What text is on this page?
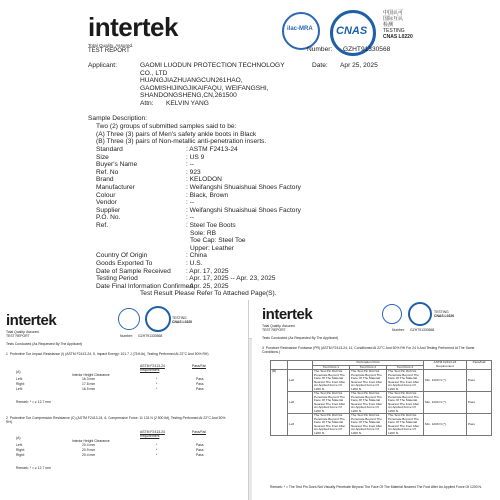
intertek
Total Quality. Assured.
TEST REPORT
ilac-MRA CNAS
中国认可
国际互认
检测
TESTING
CNAS L0220
Number: GZHT91330568
Applicant:	GAOMI LUODUN PROTECTION TECHNOLOGY
CO., LTD
HUANGJIAZHUANGCUN261HAO,
GAOMISHIJINGJIKAIFAQU, WEIFANGSHI,
SHANDONGSHENG,CN,261500
Attn: KELVIN YANG
Date: Apr 25, 2025
Sample Description:
Two (2) groups of submitted samples said to be:
(A) Three (3) pairs of Men's safety ankle boots in Black
(B) Three (3) pairs of Non-metallic anti-penetration inserts.
Standard	: ASTM F2413-24
Size	: US 9
Buyer's Name	: --
Ref. No	: 923
Brand	: KELODON
Manufacturer	: Weifangshi Shuaishuai Shoes Factory
Colour	: Black, Brown
Vendor	: --
Supplier	: Weifangshi Shuaishuai Shoes Factory
P.O. No.	: --
Ref.	: Steel Toe Boots
Sole: RB
Toe Cap: Steel Toe
Upper: Leather
Country Of Origin	: China
Goods Exported To	: U.S.
Date of Sample Received : Apr. 17, 2025
Testing Period	: Apr. 17, 2025 -- Apr. 23, 2025
Date Final Information Confirmed
: Apr. 25, 2025
Test Result Please Refer To Attached Page(S).
intertek
Total Quality. Assured.
TEST REPORT
TESTING
CNAS L0220
Number: GZHT91330568
Tests Conducted (As Requested By The Applicant)
1  Protective Toe Impact Resistance (I) (ASTM F2413-24, 5, Impact Energy: 101.7 J (75 ft-lb), Testing Performed At 22°C And 50% RH)
ASTM F2413-24 Requirement
Pass/Fail
(A)
Interior Height Clearance
Left:	16.3 mm	*	Pass
Right:	17.8 mm	*	Pass
Left:	16.5 mm	*	Pass
Remark: * = ≥ 12.7 mm
2  Protective Toe Compression Resistance (C) (ASTM F2413-24, 6, Compressive Force: 11 131 N (2 500 lbf), Testing Performed At 22°C And 50% RH)
ASTM F2413-24 Requirement
Pass/Fail
(A)
Interior Height Clearance
Left:	20.4 mm	*	Pass
Right:	20.9 mm	*	Pass
Right:	20.4 mm	*	Pass
Remark: * = ≥ 12.7 mm
intertek
Total Quality. Assured.
TEST REPORT
TESTING
CNAS L0220
Number: GZHT91330568
Tests Conducted (As Requested By The Applicant)
3  Puncture Resistance Footwear (PR) (ASTM F2413-24, 11, Conditioned At 22°C And 50% RH For 24 h And Testing Performed At The Same Conditions.)
		Perforation Point			ASTM F2413-24 Requirement	Pass/Fail
		Test Point 1	Test Point 2	Test Point 3		
(B)	Left	The Test Pin Did Not Penetrate Beyond The Face Of The Material Nearest The Foot After An Applied Force Of 1200 N.	The Test Pin Did Not Penetrate Beyond The Face Of The Material Nearest The Foot After An Applied Force Of 1200 N.	The Test Pin Did Not Penetrate Beyond The Face Of The Material Nearest The Foot After An Applied Force Of 1200 N.	Min. 1200 N (*)	Pass
	Left	The Test Pin Did Not Penetrate Beyond The Face Of The Material Nearest The Foot After An Applied Force Of 1200 N.	The Test Pin Did Not Penetrate Beyond The Face Of The Material Nearest The Foot After An Applied Force Of 1200 N.	The Test Pin Did Not Penetrate Beyond The Face Of The Material Nearest The Foot After An Applied Force Of 1200 N.	Min. 1200 N (*)	Pass
	Left	The Test Pin Did Not Penetrate Beyond The Face Of The Material Nearest The Foot After An Applied Force Of 1200 N.	The Test Pin Did Not Penetrate Beyond The Face Of The Material Nearest The Foot After An Applied Force Of 1200 N.	The Test Pin Did Not Penetrate Beyond The Face Of The Material Nearest The Foot After An Applied Force Of 1200 N.	Min. 1200 N (*)	Pass
Remark: * = The Test Pin Does Not Visually Penetrate Beyond The Face Of The Material Nearest The Foot After An Applied Force Of 1200 N.
